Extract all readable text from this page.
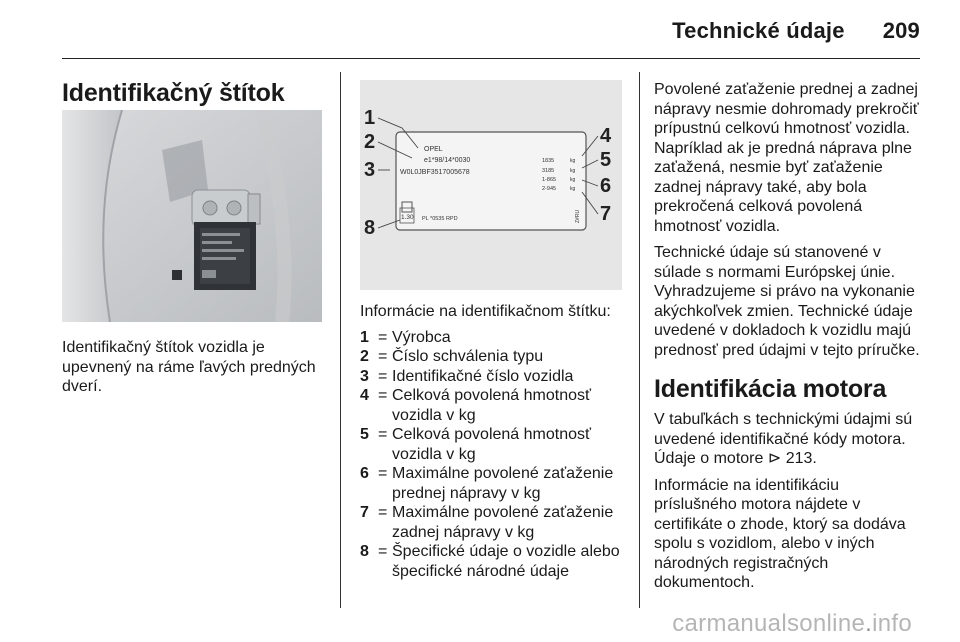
Technické údaje 209
Identifikačný štítok
Identifikačný štítok vozidla je
upevnený na ráme ľavých predných
dverí.
1
2
3
4
5
6
7
8
OPEL
e1*98/14*0030
W0L0JBF3517005678
1835
3185
1-865
2-945
kg
kg
kg
kg
1.30 PL *0535 RPD	Z#RU

Informácie na identifikačnom štítku:

1 = Výrobca
2 = Číslo schválenia typu
3 = Identifikačné číslo vozidla
4 = Celková povolená hmotnosť
vozidla v kg
5 = Celková povolená hmotnosť
vozidla v kg
6 = Maximálne povolené zaťaženie
prednej nápravy v kg
7 = Maximálne povolené zaťaženie
zadnej nápravy v kg
8 = Špecifické údaje o vozidle alebo
špecifické národné údaje

Povolené zaťaženie prednej a zadnej
nápravy nesmie dohromady prekročiť
prípustnú celkovú hmotnosť vozidla.
Napríklad ak je predná náprava plne
zaťažená, nesmie byť zaťaženie
zadnej nápravy také, aby bola
prekročená celková povolená
hmotnosť vozidla.

Technické údaje sú stanovené v
súlade s normami Európskej únie.
Vyhradzujeme si právo na vykonanie
akýchkoľvek zmien. Technické údaje
uvedené v dokladoch k vozidlu majú
prednosť pred údajmi v tejto príručke.

Identifikácia motora

V tabuľkách s technickými údajmi sú
uvedené identifikačné kódy motora.
Údaje o motore ⊳ 213.

Informácie na identifikáciu
príslušného motora nájdete v
certifikáte o zhode, ktorý sa dodáva
spolu s vozidlom, alebo v iných
národných registračných
dokumentoch.

carmanualsonline.info
